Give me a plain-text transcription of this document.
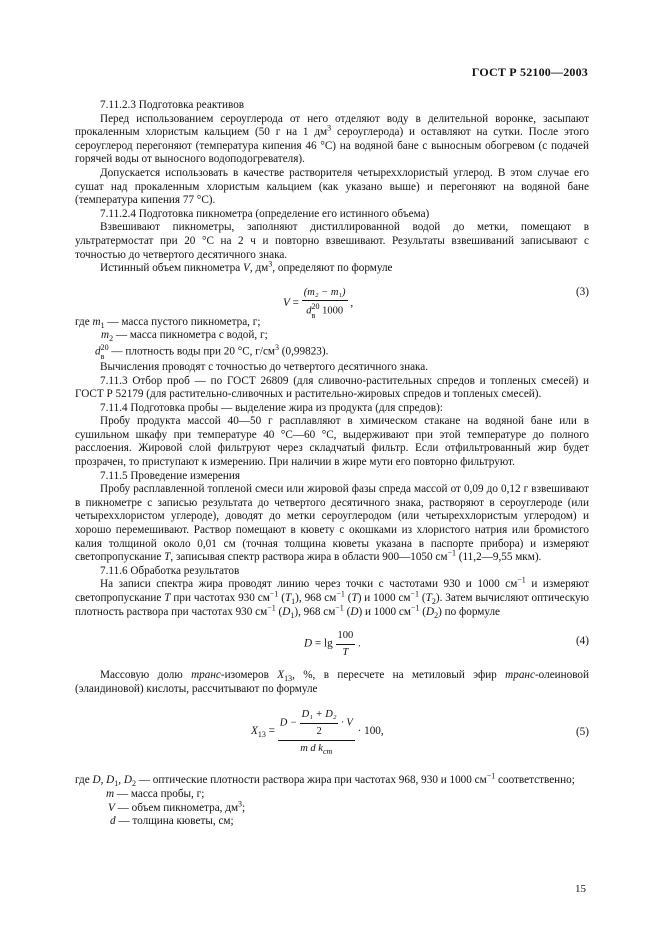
ГОСТ Р 52100—2003

7.11.2.3 Подготовка реактивов

Перед использованием сероуглерода от него отделяют воду в делительной воронке, засыпают прокаленным хлористым кальцием (50 г на 1 $дм^3$ сероуглерода) и оставляют на сутки. После этого сероуглерод перегоняют (температура кипения 46 °С) на водяной бане с выносным обогревом (с подачей горячей воды от выносного водоподогревателя).

Допускается использовать в качестве растворителя четыреххлористый углерод. В этом случае его сушат над прокаленным хлористым кальцием (как указано выше) и перегоняют на водяной бане (температура кипения 77 °С).

7.11.2.4 Подготовка пикнометра (определение его истинного объема)

Взвешивают пикнометры, заполняют дистиллированной водой до метки, помещают в ультратермостат при 20 °С на 2 ч и повторно взвешивают. Результаты взвешиваний записывают с точностью до четвертого десятичного знака.

Истинный объем пикнометра V, $дм^3$, определяют по формуле

V =
(m₂ − m₁)
d20
в 1000
,
(3)
где $m_1$ — масса пустого пикнометра, г;
$m_2$ — масса пикнометра с водой, г;
d20
в — плотность воды при 20 °С, $г/см^3$ (0,99823).

Вычисления проводят с точностью до четвертого десятичного знака.

7.11.3 Отбор проб — по ГОСТ 26809 (для сливочно-растительных спредов и топленых смесей) и ГОСТ Р 52179 (для растительно-сливочных и растительно-жировых спредов и топленых смесей).

7.11.4 Подготовка пробы — выделение жира из продукта (для спредов):

Пробу продукта массой 40—50 г расплавляют в химическом стакане на водяной бане или в сушильном шкафу при температуре 40 °С—60 °С, выдерживают при этой температуре до полного расслоения. Жировой слой фильтруют через складчатый фильтр. Если отфильтрованный жир будет прозрачен, то приступают к измерению. При наличии в жире мути его повторно фильтруют.

7.11.5 Проведение измерения

Пробу расплавленной топленой смеси или жировой фазы спреда массой от 0,09 до 0,12 г взвешивают в пикнометре с записью результата до четвертого десятичного знака, растворяют в сероуглероде (или четыреххлористом углероде), доводят до метки сероуглеродом (или четыреххлористым углеродом) и хорошо перемешивают. Раствор помещают в кювету с окошками из хлористого натрия или бромистого калия толщиной около 0,01 см (точная толщина кюветы указана в паспорте прибора) и измеряют светопропускание T, записывая спектр раствора жира в области 900—1050 $см^{-1}$ (11,2—9,55 мкм).

7.11.6 Обработка результатов

На записи спектра жира проводят линию через точки с частотами 930 и 1000 $см^{-1}$ и измеряют светопропускание T при частотах 930 $см^{-1}$ $(T_1)$, 968 $см^{-1}$ (T) и 1000 $см^{-1}$ $(T_2)$. Затем вычисляют оптическую плотность раствора при частотах 930 $см^{-1}$ $(D_1)$, 968 $см^{-1}$ (D) и 1000 $см^{-1}$ $(D_2)$ по формуле

$D = \lg \frac{100}{T}$ .	(4)

Массовую долю транс-изомеров $X_{13}$, %, в пересчете на метиловый эфир транс-олеиновой (элаидиновой) кислоты, рассчитывают по формуле

$X_{13} = \frac{D - \frac{\text{D₁ + D₂}}{2} \cdot V}{m d k_{cm}} \cdot 100$,	(5)
где D, $D_1$, $D_2$ — оптические плотности раствора жира при частотах 968, 930 и 1000 $см^{-1}$ соответственно;
m — масса пробы, г;
V — объем пикнометра, $дм^3$;
d — толщина кюветы, см;
15
